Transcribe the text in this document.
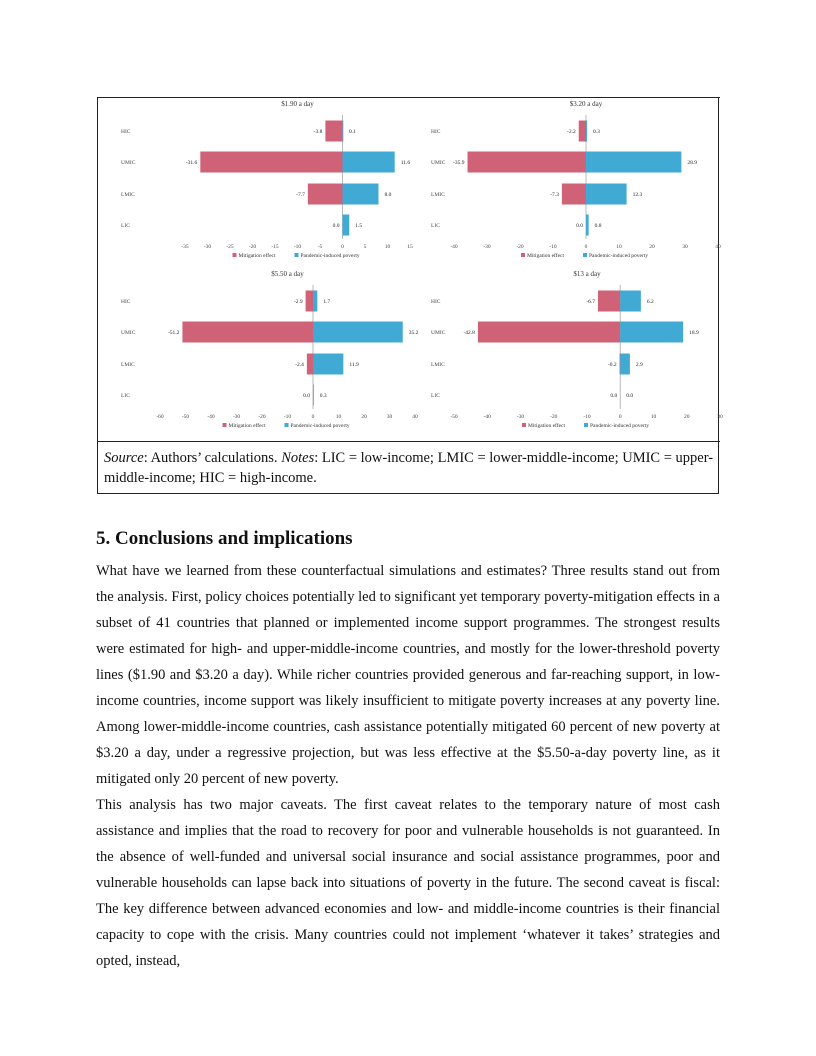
$1.90 a day
HIC	-3.8	0.1
UMIC	-31.6	11.6
LMIC	-7.7	8.0
LIC	0.0	1.5
-35	-30	-25	-20	-15	-10	-5	0	5	10	15
Mitigation effect	Pandemic-induced poverty
$3.20 a day
HIC	-2.2	0.3
UMIC -35.9	28.9
LMIC	-7.3	12.3
LIC	0.0 0.8
-40	-30	-20	-10	0	10	20	30	40
Mitigation effect	Pandemic-induced poverty
$5.50 a day
HIC	-2.9	1.7
UMIC	-51.2	35.2
LMIC	-2.4	11.9
LIC	0.0 0.3
-60	-50	-40	-30	-20	-10	0	10	20	30	40
Mitigation effect	Pandemic-induced poverty
$13 a day
HIC	-6.7	6.2
UMIC	-42.8	18.9
LMIC	-0.2	2.9
LIC	0.0 0.0
-50	-40	-30	-20	-10	0	10	20	30
Mitigation effect	Pandemic-induced poverty
Source: Authors’ calculations. Notes: LIC = low-income; LMIC = lower-middle-income; UMIC = upper-middle-income; HIC = high-income.
5. Conclusions and implications

What have we learned from these counterfactual simulations and estimates? Three results stand out from the analysis. First, policy choices potentially led to significant yet temporary poverty-mitigation effects in a subset of 41 countries that planned or implemented income support programmes. The strongest results were estimated for high- and upper-middle-income countries, and mostly for the lower-threshold poverty lines ($1.90 and $3.20 a day). While richer countries provided generous and far-reaching support, in low-income countries, income support was likely insufficient to mitigate poverty increases at any poverty line. Among lower-middle-income countries, cash assistance potentially mitigated 60 percent of new poverty at $3.20 a day, under a regressive projection, but was less effective at the $5.50-a-day poverty line, as it mitigated only 20 percent of new poverty.

This analysis has two major caveats. The first caveat relates to the temporary nature of most cash assistance and implies that the road to recovery for poor and vulnerable households is not guaranteed. In the absence of well-funded and universal social insurance and social assistance programmes, poor and vulnerable households can lapse back into situations of poverty in the future. The second caveat is fiscal: The key difference between advanced economies and low- and middle-income countries is their financial capacity to cope with the crisis. Many countries could not implement ‘whatever it takes’ strategies and opted, instead,
